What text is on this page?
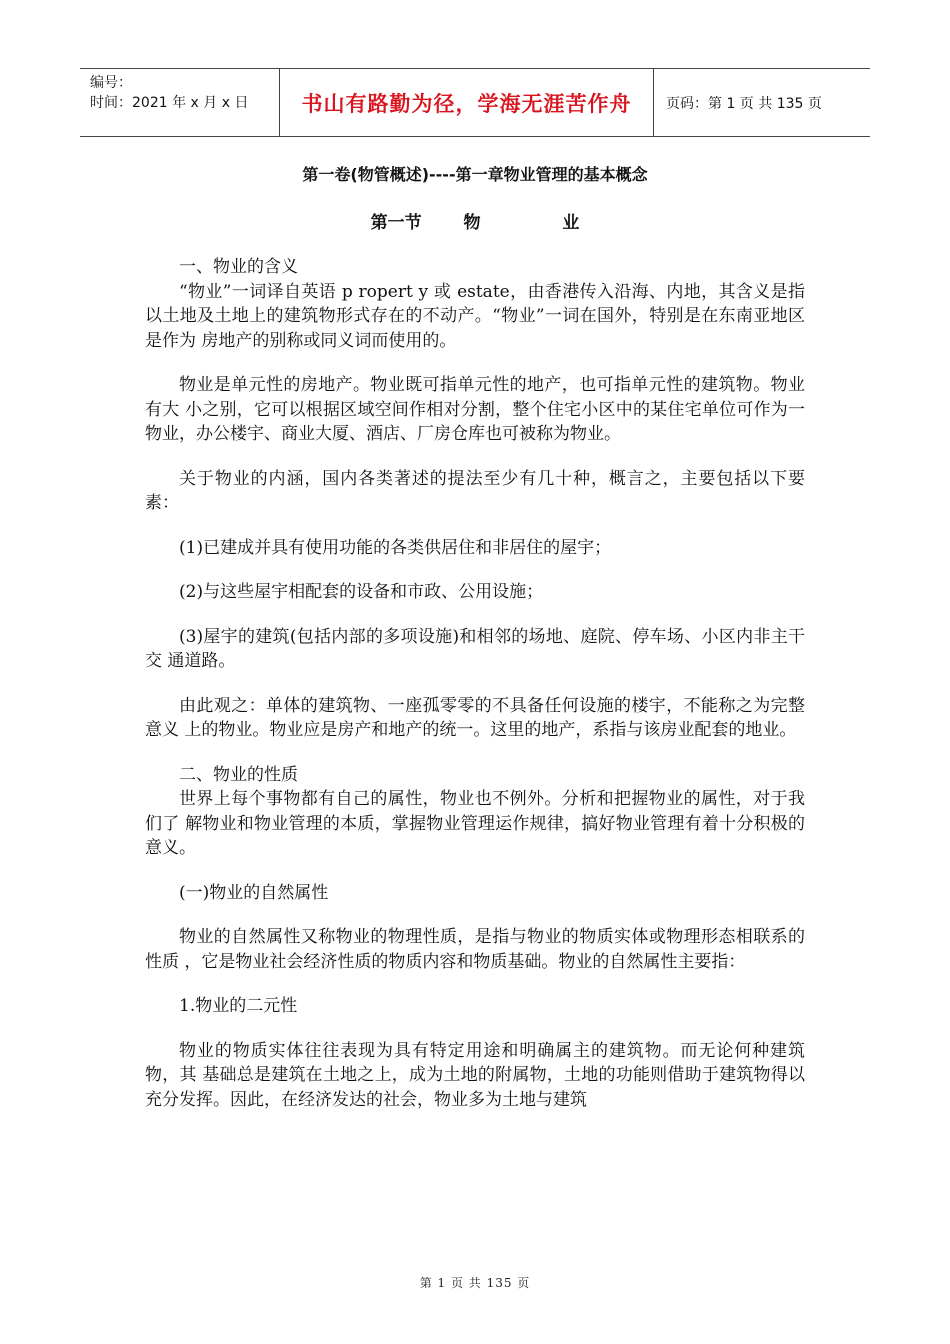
编号：
时间：2021 年 x 月 x 日	书山有路勤为径，学海无涯苦作舟	页码：第 1 页 共 135 页
第一卷(物管概述)----第一章物业管理的基本概念
第一节 物	业

一、物业的含义

“物业”一词译自英语 p ropert y 或 estate，由香港传入沿海、内地，其含义是指以土地及土地上的建筑物形式存在的不动产。“物业”一词在国外，特别是在东南亚地区是作为 房地产的别称或同义词而使用的。

物业是单元性的房地产。物业既可指单元性的地产，也可指单元性的建筑物。物业有大 小之别，它可以根据区域空间作相对分割，整个住宅小区中的某住宅单位可作为一物业，办公楼宇、商业大厦、酒店、厂房仓库也可被称为物业。

关于物业的内涵，国内各类著述的提法至少有几十种，概言之，主要包括以下要素：

(1)已建成并具有使用功能的各类供居住和非居住的屋宇；

(2)与这些屋宇相配套的设备和市政、公用设施；

(3)屋宇的建筑(包括内部的多项设施)和相邻的场地、庭院、停车场、小区内非主干交 通道路。

由此观之：单体的建筑物、一座孤零零的不具备任何设施的楼宇，不能称之为完整意义 上的物业。物业应是房产和地产的统一。这里的地产，系指与该房业配套的地业。

二、物业的性质

世界上每个事物都有自己的属性，物业也不例外。分析和把握物业的属性，对于我们了 解物业和物业管理的本质，掌握物业管理运作规律，搞好物业管理有着十分积极的意义。

(一)物业的自然属性

物业的自然属性又称物业的物理性质，是指与物业的物质实体或物理形态相联系的性质 ，它是物业社会经济性质的物质内容和物质基础。物业的自然属性主要指：

1.物业的二元性

物业的物质实体往往表现为具有特定用途和明确属主的建筑物。而无论何种建筑物，其 基础总是建筑在土地之上，成为土地的附属物，土地的功能则借助于建筑物得以充分发挥。因此，在经济发达的社会，物业多为土地与建筑

第 1 页 共 135 页
